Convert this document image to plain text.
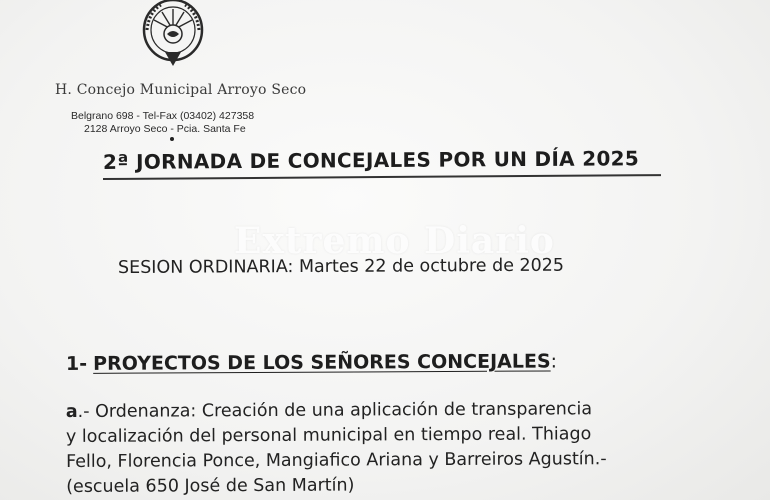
H. Concejo Municipal Arroyo Seco
Belgrano 698 - Tel-Fax (03402) 427358
2128 Arroyo Seco - Pcia. Santa Fe
2ª JORNADA DE CONCEJALES POR UN DÍA 2025
SESION ORDINARIA: Martes 22 de octubre de 2025
Extremo Diario
1- PROYECTOS DE LOS SEÑORES CONCEJALES:
a.- Ordenanza: Creación de una aplicación de transparencia
y localización del personal municipal en tiempo real. Thiago
Fello, Florencia Ponce, Mangiafico Ariana y Barreiros Agustín.-
(escuela 650 José de San Martín)
